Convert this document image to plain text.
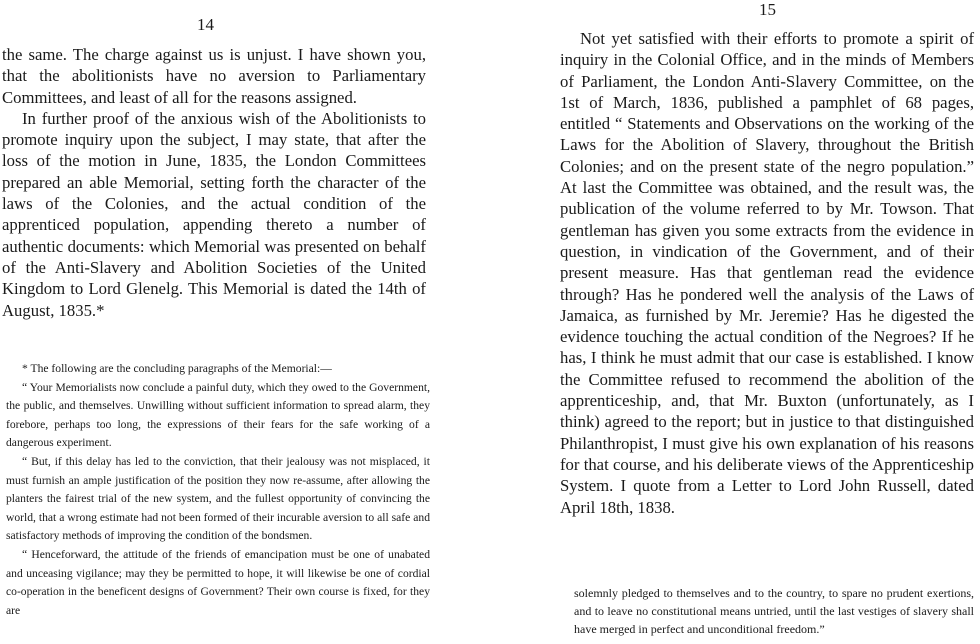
14

the same. The charge against us is unjust. I have shown you, that the abolitionists have no aversion to Parliamentary Committees, and least of all for the reasons assigned.

In further proof of the anxious wish of the Abolitionists to promote inquiry upon the subject, I may state, that after the loss of the motion in June, 1835, the London Committees prepared an able Memorial, setting forth the character of the laws of the Colonies, and the actual condition of the apprenticed population, appending thereto a number of authentic documents: which Memorial was presented on behalf of the Anti-Slavery and Abolition Societies of the United Kingdom to Lord Glenelg. This Memorial is dated the 14th of August, 1835.*

* The following are the concluding paragraphs of the Memorial:—

“ Your Memorialists now conclude a painful duty, which they owed to the Government, the public, and themselves. Unwilling without sufficient information to spread alarm, they forebore, perhaps too long, the expressions of their fears for the safe working of a dangerous experiment.

“ But, if this delay has led to the conviction, that their jealousy was not misplaced, it must furnish an ample justification of the position they now re-assume, after allowing the planters the fairest trial of the new system, and the fullest opportunity of convincing the world, that a wrong estimate had not been formed of their incurable aversion to all safe and satisfactory methods of improving the condition of the bondsmen.

“ Henceforward, the attitude of the friends of emancipation must be one of unabated and unceasing vigilance; may they be permitted to hope, it will likewise be one of cordial co-operation in the beneficent designs of Government? Their own course is fixed, for they are

15

Not yet satisfied with their efforts to promote a spirit of inquiry in the Colonial Office, and in the minds of Members of Parliament, the London Anti-Slavery Committee, on the 1st of March, 1836, published a pamphlet of 68 pages, entitled “ Statements and Observations on the working of the Laws for the Abolition of Slavery, throughout the British Colonies; and on the present state of the negro population.” At last the Committee was obtained, and the result was, the publication of the volume referred to by Mr. Towson. That gentleman has given you some extracts from the evidence in question, in vindication of the Government, and of their present measure. Has that gentleman read the evidence through? Has he pondered well the analysis of the Laws of Jamaica, as furnished by Mr. Jeremie? Has he digested the evidence touching the actual condition of the Negroes? If he has, I think he must admit that our case is established. I know the Committee refused to recommend the abolition of the apprenticeship, and, that Mr. Buxton (unfortunately, as I think) agreed to the report; but in justice to that distinguished Philanthropist, I must give his own explanation of his reasons for that course, and his deliberate views of the Apprenticeship System. I quote from a Letter to Lord John Russell, dated April 18th, 1838.

solemnly pledged to themselves and to the country, to spare no prudent exertions, and to leave no constitutional means untried, until the last vestiges of slavery shall have merged in perfect and unconditional freedom.”
